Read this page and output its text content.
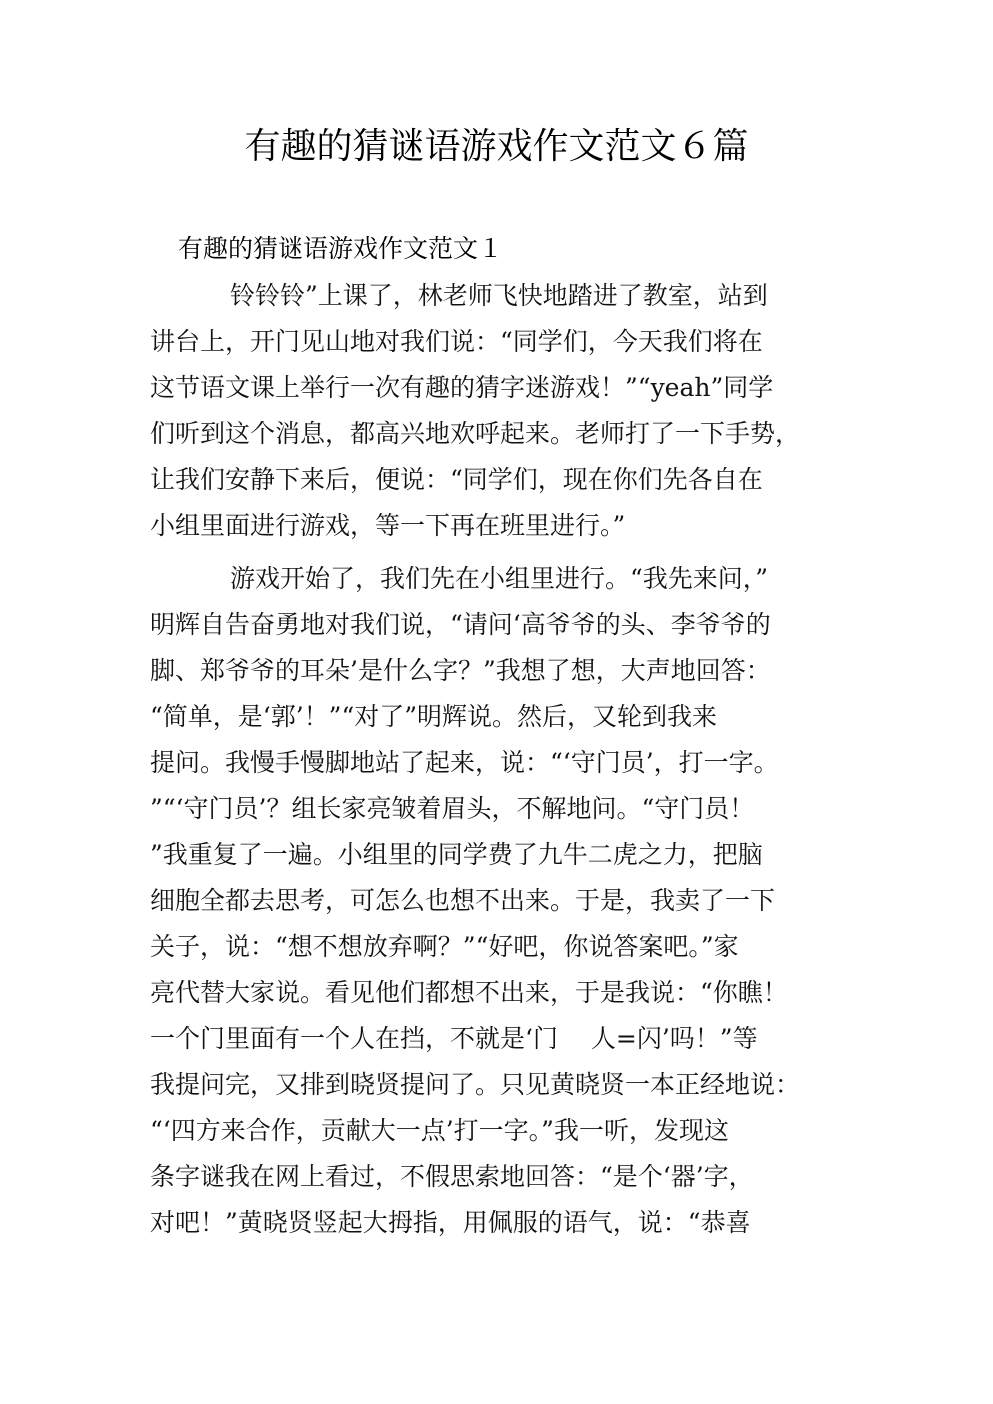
有趣的猜谜语游戏作文范文６篇
有趣的猜谜语游戏作文范文１
铃铃铃”上课了，林老师飞快地踏进了教室，站到
讲台上，开门见山地对我们说：“同学们，今天我们将在
这节语文课上举行一次有趣的猜字迷游戏！”“yeah”同学
们听到这个消息，都高兴地欢呼起来。老师打了一下手势，
让我们安静下来后，便说：“同学们，现在你们先各自在
小组里面进行游戏，等一下再在班里进行。”
游戏开始了，我们先在小组里进行。“我先来问，”
明辉自告奋勇地对我们说，“请问‘高爷爷的头、李爷爷的
脚、郑爷爷的耳朵’是什么字？”我想了想，大声地回答：
“简单，是‘郭’！”“对了”明辉说。然后，又轮到我来
提问。我慢手慢脚地站了起来，说：“‘守门员’，打一字。
”“‘守门员’？组长家亮皱着眉头，不解地问。“守门员！
”我重复了一遍。小组里的同学费了九牛二虎之力，把脑
细胞全都去思考，可怎么也想不出来。于是，我卖了一下
关子，说：“想不想放弃啊？”“好吧，你说答案吧。”家
亮代替大家说。看见他们都想不出来，于是我说：“你瞧！
一个门里面有一个人在挡，不就是‘门　 人=闪’吗！”等
我提问完，又排到晓贤提问了。只见黄晓贤一本正经地说：
“‘四方来合作，贡献大一点’打一字。”我一听，发现这
条字谜我在网上看过，不假思索地回答：“是个‘器’字，
对吧！”黄晓贤竖起大拇指，用佩服的语气，说：“恭喜
